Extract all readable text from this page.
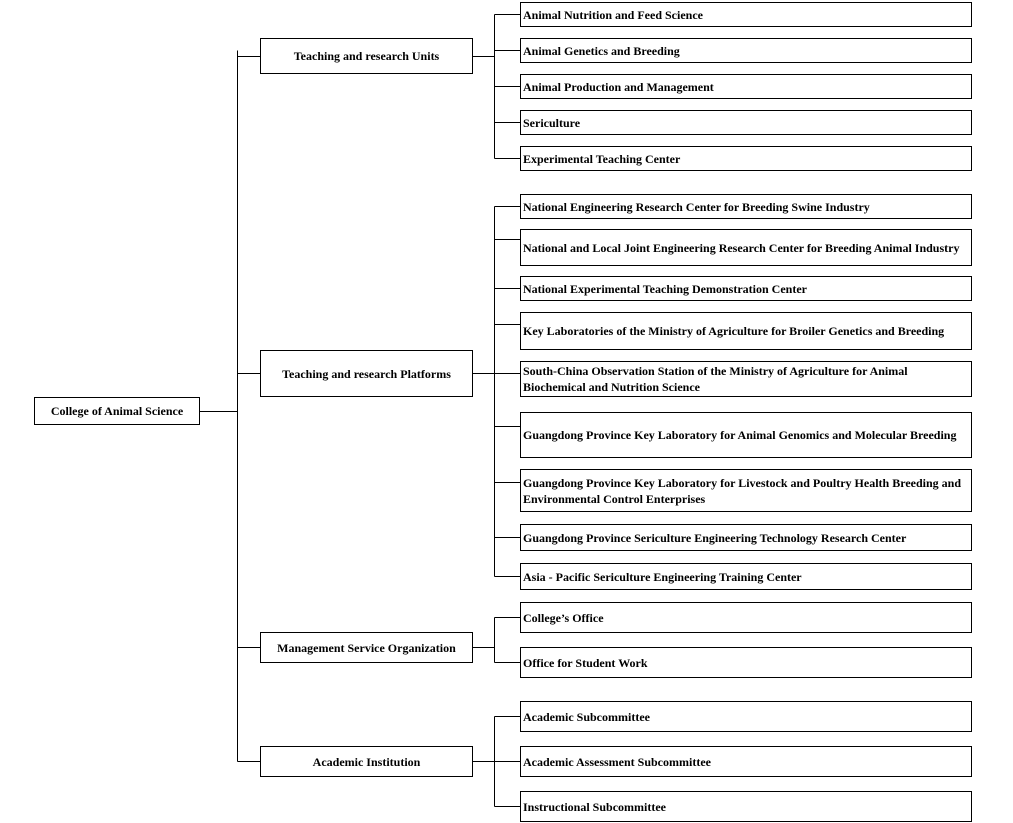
College of Animal Science
Teaching and research Units
Animal Nutrition and Feed Science
Animal Genetics and Breeding
Animal Production and Management
Sericulture
Experimental Teaching Center
Teaching and research Platforms
National Engineering Research Center for Breeding Swine Industry
National and Local Joint Engineering Research Center for Breeding Animal Industry
National Experimental Teaching Demonstration Center
Key Laboratories of the Ministry of Agriculture for Broiler Genetics and Breeding
South-China Observation Station of the Ministry of Agriculture for Animal Biochemical and Nutrition Science
Guangdong Province Key Laboratory for Animal Genomics and Molecular Breeding
Guangdong Province Key Laboratory for Livestock and Poultry Health Breeding and Environmental Control Enterprises
Guangdong Province Sericulture Engineering Technology Research Center
Asia - Pacific Sericulture Engineering Training Center
Management Service Organization
College’s Office
Office for Student Work
Academic Institution
Academic Subcommittee
Academic Assessment Subcommittee
Instructional Subcommittee
